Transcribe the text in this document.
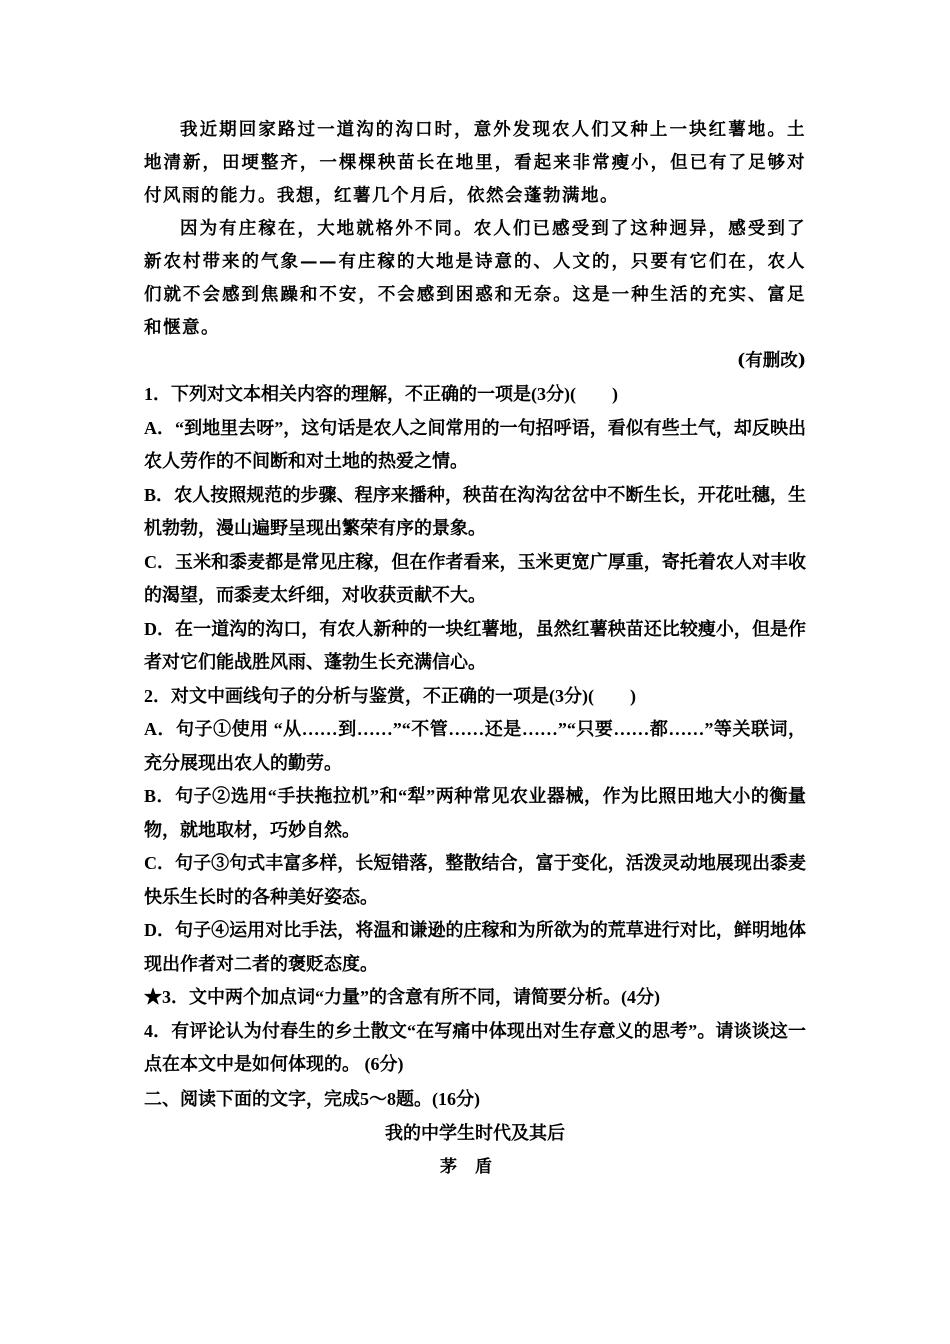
我近期回家路过一道沟的沟口时，意外发现农人们又种上一块红薯地。土地清新，田埂整齐，一棵棵秧苗长在地里，看起来非常瘦小，但已有了足够对付风雨的能力。我想，红薯几个月后，依然会蓬勃满地。

因为有庄稼在，大地就格外不同。农人们已感受到了这种迥异，感受到了新农村带来的气象——有庄稼的大地是诗意的、人文的，只要有它们在，农人们就不会感到焦躁和不安，不会感到困惑和无奈。这是一种生活的充实、富足和惬意。

(有删改)

1．下列对文本相关内容的理解，不正确的一项是(3分)(　　)

A．“到地里去呀”，这句话是农人之间常用的一句招呼语，看似有些土气，却反映出农人劳作的不间断和对土地的热爱之情。

B．农人按照规范的步骤、程序来播种，秧苗在沟沟岔岔中不断生长，开花吐穗，生机勃勃，漫山遍野呈现出繁荣有序的景象。

C．玉米和黍麦都是常见庄稼，但在作者看来，玉米更宽广厚重，寄托着农人对丰收的渴望，而黍麦太纤细，对收获贡献不大。

D．在一道沟的沟口，有农人新种的一块红薯地，虽然红薯秧苗还比较瘦小，但是作者对它们能战胜风雨、蓬勃生长充满信心。

2．对文中画线句子的分析与鉴赏，不正确的一项是(3分)(　　)

A．句子①使用 “从……到……”“不管……还是……”“只要……都……”等关联词，充分展现出农人的勤劳。

B．句子②选用“手扶拖拉机”和“犁”两种常见农业器械，作为比照田地大小的衡量物，就地取材，巧妙自然。

C．句子③句式丰富多样，长短错落，整散结合，富于变化，活泼灵动地展现出黍麦快乐生长时的各种美好姿态。

D．句子④运用对比手法，将温和谦逊的庄稼和为所欲为的荒草进行对比，鲜明地体现出作者对二者的褒贬态度。

★3．文中两个加点词“力量”的含意有所不同，请简要分析。(4分)

4．有评论认为付春生的乡土散文“在写痛中体现出对生存意义的思考”。请谈谈这一点在本文中是如何体现的。 (6分)

二、阅读下面的文字，完成5～8题。(16分)

我的中学生时代及其后

茅盾
